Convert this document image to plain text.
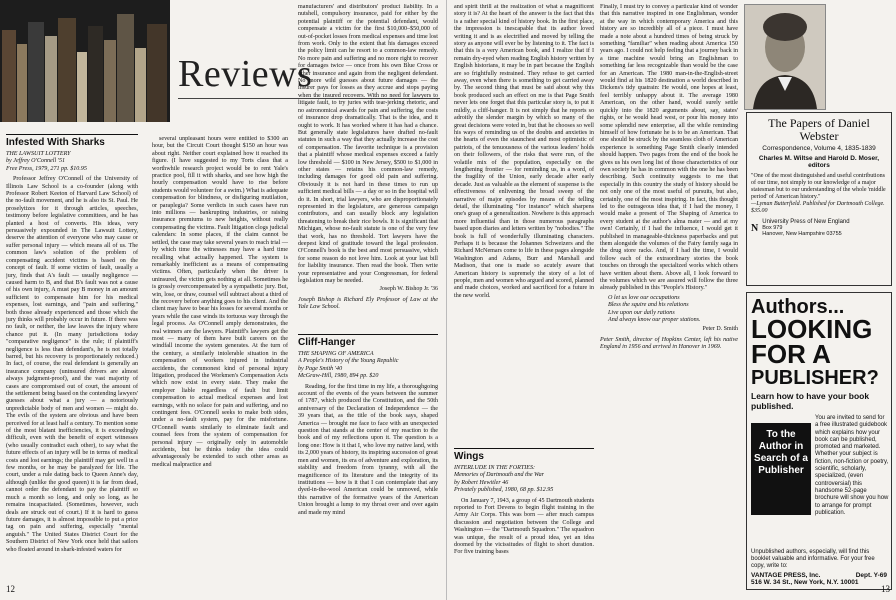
Reviews
Infested With Sharks
THE LAWSUIT LOTTERY
by Jeffrey O'Connell '51
Free Press, 1979, 271 pp. $10.95

Professor Jeffrey O'Connell of the University of Illinois Law School is a co-founder (along with Professor Robert Keeton of Harvard Law School) of the no-fault movement, and he is also its St. Paul. He proselytizes for it through articles, speeches, testimony before legislative committees, and he has planted a host of converts. His ideas, very persuasively expounded in The Lawsuit Lottery, deserve the attention of everyone who may cause or suffer personal injury — which means all of us. The common law's solution of the problem of compensating accident victims is based on the concept of fault. If some victim of fault, usually a jury, finds that A's fault — usually negligence — caused harm to B, and that B's fault was not a cause of his own injury, A must pay B money in an amount sufficient to compensate him for his medical expenses, lost earnings, and "pain and suffering," both those already experienced and those which the jury thinks will probably occur in future. If there was no fault, or neither, the law leaves the injury where chance put it. (In many jurisdictions today "comparative negligence" is the rule; if plaintiff's negligence is less than defendant's, he is not totally barred, but his recovery is proportionately reduced.) In fact, of course, the real defendant is generally an insurance company (uninsured drivers are almost always judgment-proof), and the vast majority of cases are compromised out of court, the amount of the settlement being based on the contending lawyers' guesses about what a jury — a notoriously unpredictable body of men and women — might do. The evils of the system are obvious and have been perceived for at least half a century. To mention some of the most blatant inefficiencies, it is exceedingly difficult, even with the benefit of expert witnesses (who usually contradict each other), to say what the future effects of an injury will be in terms of medical costs and lost earnings; the plaintiff may get well in a few months, or he may be paralyzed for life. The court, under a rule dating back to Queen Anne's day, although (unlike the good queen) it is far from dead, cannot order the defendant to pay the plaintiff so much a month so long, and only so long, as he remains incapacitated. (Sometimes, however, such deals are struck out of court.) If it is hard to guess future damages, it is almost impossible to put a price tag on pain and suffering, especially "mental anguish." The United States District Court for the Southern District of New York once held that sailors who floated around in shark-infested waters for

several unpleasant hours were entitled to $300 an hour, but the Circuit Court thought $150 an hour was about right. Neither court explained how it reached its figure. (I have suggested to my Torts class that a worthwhile research project would be to rent Yale's practice pool, fill it with sharks, and see how high the hourly compensation would have to rise before students would volunteer for a swim.) What is adequate compensation for blindness, or disfiguring mutilation, or paraplegia? Some verdicts in such cases have run into millions — bankrupting industries, or raising insurance premiums to new heights, without really compensating the victims. Fault litigation clogs judicial calendars: In some places, if the claim cannot be settled, the case may take several years to reach trial — by which time the witnesses may have a hard time recalling what actually happened. The system is remarkably inefficient as a means of compensating victims. Often, particularly when the driver is uninsured, the victim gets nothing at all. Sometimes he is grossly overcompensated by a sympathetic jury. But, win, lose, or draw, counsel will subtract about a third of the recovery before anything goes to his client. And the client may have to bear his losses for several months or years while the case winds its tortuous way through the legal process. As O'Connell amply demonstrates, the real winners are the lawyers. Plaintiff's lawyers get the most — many of them have built careers on the windfall income the system generates. At the turn of the century, a similarly intolerable situation in the compensation of workers injured in industrial accidents, the commonest kind of personal injury litigation, produced the Workmen's Compensation Acts which now exist in every state. They make the employer liable regardless of fault but limit compensation to actual medical expenses and lost earnings, with no solace for pain and suffering, and no contingent fees. O'Connell seeks to make both sides, under a no-fault system, pay for the misfortune. O'Connell wants similarly to eliminate fault and counsel fees from the system of compensation for personal injury — originally only in automobile accidents, but he thinks today the idea could advantageously be extended to such other areas as medical malpractice and

manufacturers' and distributors' product liability. In a nutshell, compulsory insurance, paid for either by the potential plaintiff or the potential defendant, would compensate a victim for the first $10,000–$50,000 of out-of-pocket losses from medical expenses and time lost from work. Only to the extent that his damages exceed the policy limit can he resort to a common-law remedy. No more pain and suffering and no more right to recover for damages twice — once from his own Blue Cross or other insurance and again from the negligent defendant. No more wild guesses about future damages — the insurer pays for losses as they accrue and stops paying when the insured recovers. With no need for lawyers to litigate fault, to try juries with tear-jerking rhetoric, and no astronomical awards for pain and suffering, the costs of insurance drop dramatically. That is the idea, and it ought to work. It has worked where it has had a chance. But generally state legislatures have drafted no-fault statutes in such a way that they actually increase the cost of compensation. The favorite technique is a provision that a plaintiff whose medical expenses exceed a fairly low threshold — $100 in New Jersey, $500 to $1,000 in other states — retains his common-law remedy, including damages for good old pain and suffering. Obviously it is not hard in these times to run up sufficient medical bills — a day or so in the hospital will do it. In short, trial lawyers, who are disproportionately represented in the legislature, are generous campaign contributors, and can usually block any legislation threatening to break their rice bowls. It is significant that Michigan, whose no-fault statute is one of the very few that work, has no threshold. Tort lawyers have the deepest kind of gratitude toward the legal profession. O'Connell's book is the best and most persuasive, which for some reason do not love him. Look at your last bill for liability insurance. Then read the book. Then write your representative and your Congressman, for federal legislation may be needed.

Joseph W. Bishop Jr. '36
Joseph Bishop is Richard Ely Professor of Law at the Yale Law School.
Cliff-Hanger
THE SHAPING OF AMERICA
A People's History of the Young Republic
by Page Smith '40
McGraw-Hill, 1980, 894 pp. $20

Reading, for the first time in my life, a thoroughgoing account of the events of the years between the summer of 1787, which produced the Constitution, and the 50th anniversary of the Declaration of Independence — the 39 years that, as the title of the book says, shaped America — brought me face to face with an unexpected question that stands at the center of my reaction to the book and of my reflections upon it. The question is a long one: How is it that I, who love my native land, with its 2,000 years of history, its inspiring succession of great men and women, its era of adventure and exploration, its stability and freedom from tyranny, with all the magnificence of its literature and the integrity of its institutions — how is it that I can contemplate that any dyed-in-the-wool American could be unmoved, while this narrative of the formative years of the American Union brought a lump to my throat over and over again and made my mind

12

and spirit thrill at the realization of what a magnificent story it is? At the heart of the answer is the fact that this is a rather special kind of history book. In the first place, the impression is inescapable that its author loved writing it and is as electrified and moved by telling the story as anyone will ever be by listening to it. The fact is that this is a very American book, and I realize that if I remain dry-eyed when reading English history written by English historians, it may be in part because the English are so frightfully restrained. They refuse to get carried away, even when there is something to get carried away by. The second thing that must be said about why this book produced such an effect on me is that Page Smith never lets one forget that this particular story is, to put it mildly, a cliff-hanger. It is not simply that he reports so adroitly the slender margin by which so many of the great decisions were voted in, but that he chooses so well his ways of reminding us of the doubts and anxieties in the hearts of even the staunchest and most optimistic of patriots, of the tenuousness of the various leaders' holds on their followers, of the risks that were run, of the volatile mix of the population, especially on the lengthening frontier — for reminding us, in a word, of the fragility of the Union, early decade after early decade. Just as valuable as the element of suspense is the effectiveness of enlivening the broad sweep of the narrative of major episodes by means of the telling detail, the illuminating "for instance" which sharpens one's grasp of a generalization. Nowhere is this approach more influential than in those numerous paragraphs based upon diaries and letters written by "nobodies." The book is full of wonderfully illuminating characters. Perhaps it is because the Johannes Schweizers and the Richard McNemars come to life in these pages alongside Washington and Adams, Burr and Marshall and Madison, that one is made so acutely aware that American history is supremely the story of a lot of people, men and women who argued and scored, planned and made choices, worked and sacrificed for a future in the new world.

Wings
INTERLUDE IN THE FORTIES:
Memories of Dartmouth and the War
by Robert Hewitler 46
Privately published, 1980, 68 pp. $12.95

On January 7, 1943, a group of 45 Dartmouth students reported to Fort Devens to begin flight training in the Army Air Corps. This was born — after much campus discussion and negotiation between the College and Washington — the "Dartmouth Squadron." The squadron was unique, the result of a proud idea, yet an idea doomed by the vicissitudes of flight to short duration. For five training bases

Finally, I must try to convey a particular kind of wonder that this narrative inspired in one Englishman, wonder at the way in which contemporary America and this history are so incredibly all of a piece. I must have made a note about a hundred times of being struck by something "familiar" when reading about America 150 years ago. I could not help feeling that a journey back in a time machine would bring an Englishman to something far less recognizable than would be the case for an American. The 1980 man-in-the-English-street would find at his 1820 destination a world described in Dickens's tidy quatrain: He would, one hopes at least, feel terribly unhappy about it. The average 1980 American, on the other hand, would surely settle quickly into the 1820 arguments about, say, states' rights, or he would head west, or pour his money into some splendid new enterprise, all the while reminding himself of how fortunate he is to be an American. That one should be struck by the seamless cloth of American experience is something Page Smith clearly intended should happen. Two pages from the end of the book he gives us his own long list of those characteristics of our own society he has in common with the one he has been describing. Such continuity suggests to me that especially in this country the study of history should be not only one of the most useful of pursuits, but also, certainly, one of the most inspiring. In fact, this thought led to the outrageous idea that, if I had the money, I would make a present of The Shaping of America to every student at the author's alma mater — and at my own! Certainly, if I had the influence, I would get it published in manageable-thickness paperbacks and put them alongside the volumes of the Fairy family saga in the drug store racks. And, if I had the time, I would follow each of the extraordinary stories the book touches on through the specialized works which others have written about them. Above all, I look forward to the volumes which we are assured will follow the three already published in this "People's History."

O let us love our occupations
Bless the squire and his relations
Live upon our daily rations
And always know our proper stations.
Peter D. Smith
Peter Smith, director of Hopkins Center, left his native England in 1956 and arrived in Hanover in 1969.
The Papers of Daniel Webster
Correspondence, Volume 4, 1835-1839
Charles M. Wiltse and Harold D. Moser, editors
"One of the most distinguished and useful contributions of our time, not simply to our knowledge of a major statesman but to our understanding of the whole 'middle period' of American history."
—Lyman Butterfield. Published for Dartmouth College. $35.00
N
University Press of New England
Box 979
Hanover, New Hampshire 03755
Authors...
LOOKING
FOR A
PUBLISHER?
Learn how to have your book published.
To the Author in Search of a Publisher
You are invited to send for a free illustrated guidebook which explains how your book can be published, promoted and marketed. Whether your subject is fiction, non-fiction or poetry, scientific, scholarly, specialized, (even controversial) this handsome 52-page brochure will show you how to arrange for prompt publication.
Unpublished authors, especially, will find this booklet valuable and informative. For your free copy, write to:
VANTAGE PRESS, Inc.	Dept. Y-69
516 W. 34 St., New York, N.Y. 10001
13
